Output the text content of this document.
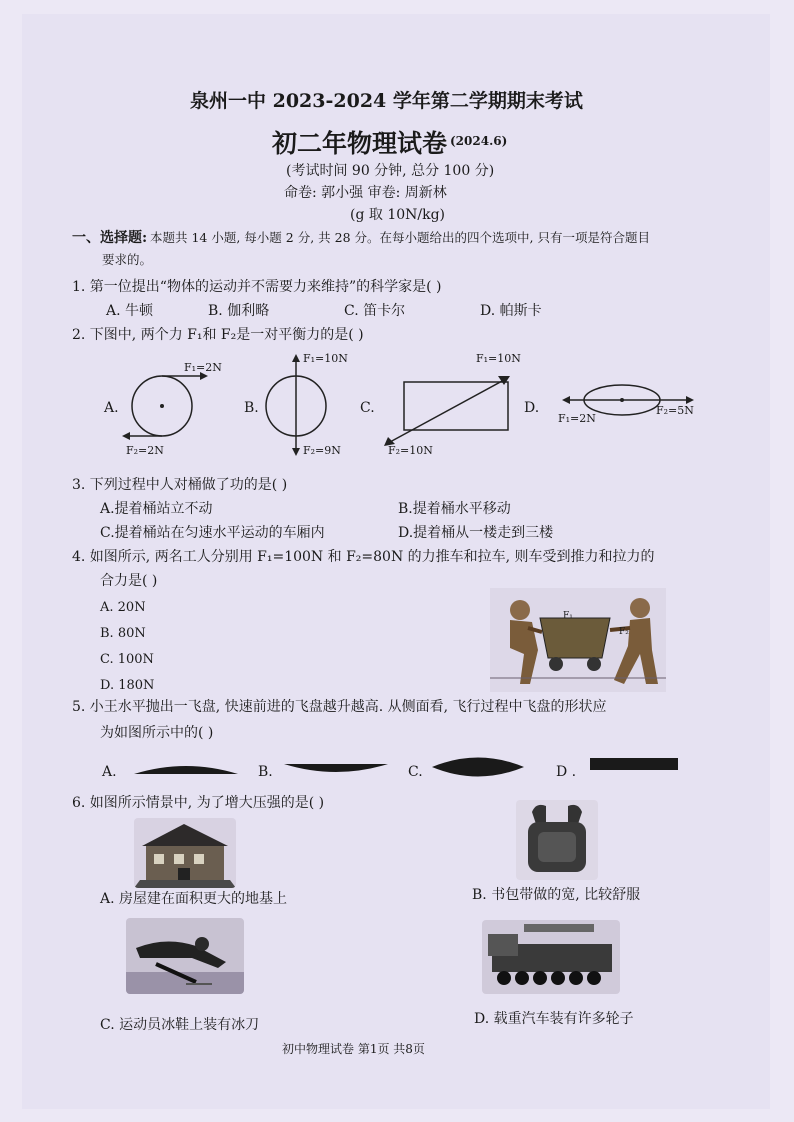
泉州一中 2023-2024 学年第二学期期末考试
初二年物理试卷 (2024.6)
(考试时间 90 分钟, 总分 100 分)
命卷: 郭小强 审卷: 周新林
(g 取 10N/kg)
一、选择题: 本题共 14 小题, 每小题 2 分, 共 28 分。在每小题给出的四个选项中, 只有一项是符合题目
要求的。
1. 第一位提出“物体的运动并不需要力来维持”的科学家是( )
A. 牛顿	B. 伽利略	C. 笛卡尔	D. 帕斯卡
2. 下图中, 两个力 F₁和 F₂是一对平衡力的是( )
A.	B.	C.	D.
F₁=2N
F₂=2N
F₁=10N
F₂=9N
F₁=10N
F₂=10N
F₁=2N
F₂=5N
3. 下列过程中人对桶做了功的是( )
A.提着桶站立不动	B.提着桶水平移动
C.提着桶站在匀速水平运动的车厢内	D.提着桶从一楼走到三楼
4. 如图所示, 两名工人分别用 F₁=100N 和 F₂=80N 的力推车和拉车, 则车受到推力和拉力的
合力是( )
A. 20N
B. 80N
C. 100N
D. 180N
F₁
F₂
5. 小王水平抛出一飞盘, 快速前进的飞盘越升越高. 从侧面看, 飞行过程中飞盘的形状应
为如图所示中的( )
A.	B.	C.	D .
6. 如图所示情景中, 为了增大压强的是( )
A. 房屋建在面积更大的地基上	B. 书包带做的宽, 比较舒服
C. 运动员冰鞋上装有冰刀	D. 载重汽车装有许多轮子
初中物理试卷 第1页 共8页
